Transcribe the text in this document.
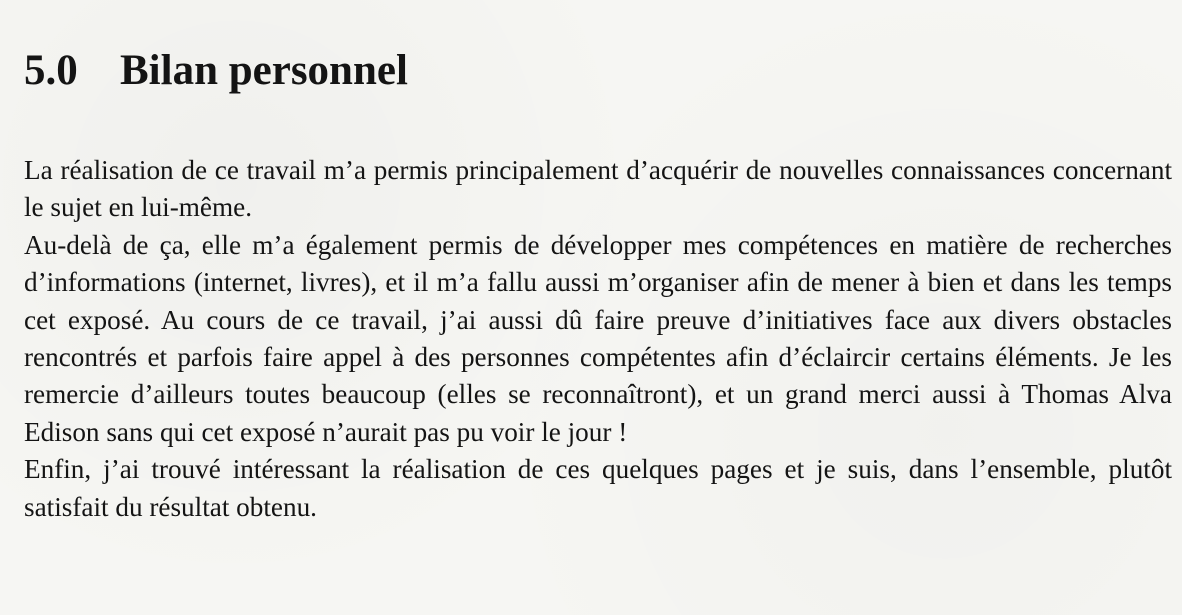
5.0 Bilan personnel

La réalisation de ce travail m’a permis principalement d’acquérir de nouvelles connaissances concernant le sujet en lui-même.

Au-delà de ça, elle m’a également permis de développer mes compétences en matière de recherches d’informations (internet, livres), et il m’a fallu aussi m’organiser afin de mener à bien et dans les temps cet exposé. Au cours de ce travail, j’ai aussi dû faire preuve d’initiatives face aux divers obstacles rencontrés et parfois faire appel à des personnes compétentes afin d’éclaircir certains éléments. Je les remercie d’ailleurs toutes beaucoup (elles se reconnaîtront), et un grand merci aussi à Thomas Alva Edison sans qui cet exposé n’aurait pas pu voir le jour !

Enfin, j’ai trouvé intéressant la réalisation de ces quelques pages et je suis, dans l’ensemble, plutôt satisfait du résultat obtenu.
